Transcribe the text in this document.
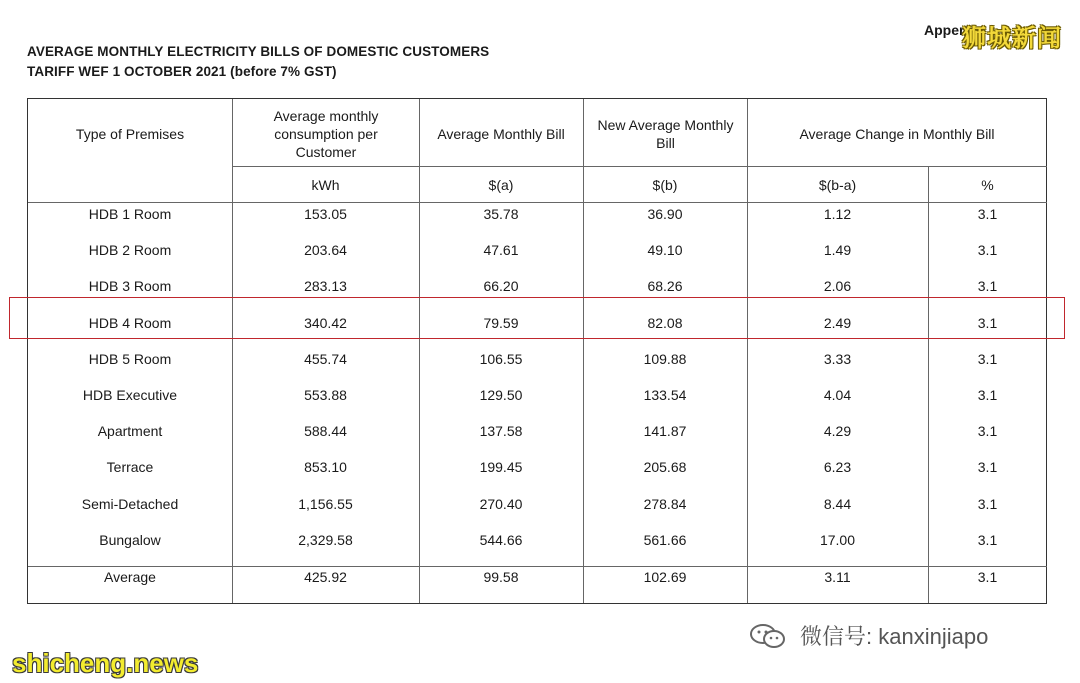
AVERAGE MONTHLY ELECTRICITY BILLS OF DOMESTIC CUSTOMERS
TARIFF WEF 1 OCTOBER 2021 (before 7% GST)
Apper
狮城新闻
Type of Premises
Average monthly consumption per Customer
Average Monthly Bill
New Average Monthly Bill
Average Change in Monthly Bill
kWh	$(a)	$(b)	$(b-a)	%
HDB 1 Room	153.05	35.78	36.90	1.12	3.1
HDB 2 Room	203.64	47.61	49.10	1.49	3.1
HDB 3 Room	283.13	66.20	68.26	2.06	3.1
HDB 4 Room	340.42	79.59	82.08	2.49	3.1
HDB 5 Room	455.74	106.55	109.88	3.33	3.1
HDB Executive	553.88	129.50	133.54	4.04	3.1
Apartment	588.44	137.58	141.87	4.29	3.1
Terrace	853.10	199.45	205.68	6.23	3.1
Semi-Detached	1,156.55	270.40	278.84	8.44	3.1
Bungalow	2,329.58	544.66	561.66	17.00	3.1
Average	425.92	99.58	102.69	3.11	3.1
shicheng.news
微信号: kanxinjiapo
